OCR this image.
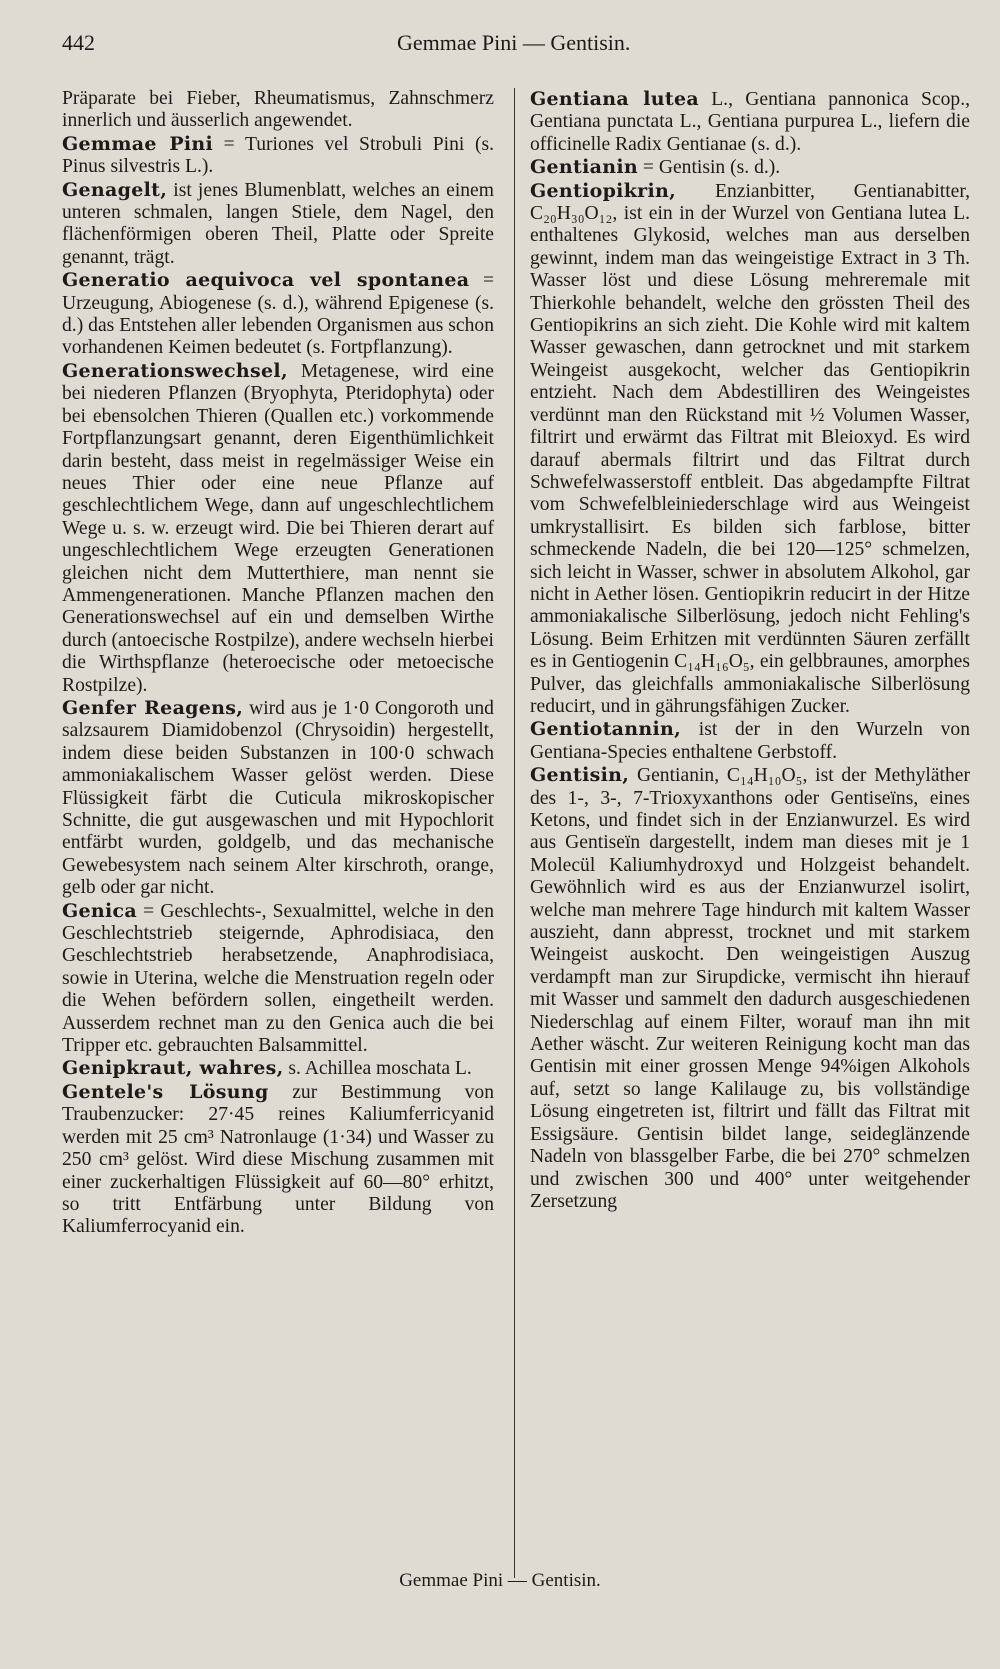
442	Gemmae Pini — Gentisin.

Präparate bei Fieber, Rheumatismus, Zahnschmerz innerlich und äusserlich angewendet.

Gemmae Pini = Turiones vel Strobuli Pini (s. Pinus silvestris L.).

Genagelt, ist jenes Blumenblatt, welches an einem unteren schmalen, langen Stiele, dem Nagel, den flächenförmigen oberen Theil, Platte oder Spreite genannt, trägt.

Generatio aequivoca vel spontanea = Urzeugung, Abiogenese (s. d.), während Epigenese (s. d.) das Entstehen aller lebenden Organismen aus schon vorhandenen Keimen bedeutet (s. Fortpflanzung).

Generationswechsel, Metagenese, wird eine bei niederen Pflanzen (Bryophyta, Pteridophyta) oder bei ebensolchen Thieren (Quallen etc.) vorkommende Fortpflanzungsart genannt, deren Eigenthümlichkeit darin besteht, dass meist in regelmässiger Weise ein neues Thier oder eine neue Pflanze auf geschlechtlichem Wege, dann auf ungeschlechtlichem Wege u. s. w. erzeugt wird. Die bei Thieren derart auf ungeschlechtlichem Wege erzeugten Generationen gleichen nicht dem Mutterthiere, man nennt sie Ammengenerationen. Manche Pflanzen machen den Generationswechsel auf ein und demselben Wirthe durch (antoecische Rostpilze), andere wechseln hierbei die Wirthspflanze (heteroecische oder metoecische Rostpilze).

Genfer Reagens, wird aus je 1·0 Congoroth und salzsaurem Diamidobenzol (Chrysoidin) hergestellt, indem diese beiden Substanzen in 100·0 schwach ammoniakalischem Wasser gelöst werden. Diese Flüssigkeit färbt die Cuticula mikroskopischer Schnitte, die gut ausgewaschen und mit Hypochlorit entfärbt wurden, goldgelb, und das mechanische Gewebesystem nach seinem Alter kirschroth, orange, gelb oder gar nicht.

Genica = Geschlechts-, Sexualmittel, welche in den Geschlechtstrieb steigernde, Aphrodisiaca, den Geschlechtstrieb herabsetzende, Anaphrodisiaca, sowie in Uterina, welche die Menstruation regeln oder die Wehen befördern sollen, eingetheilt werden. Ausserdem rechnet man zu den Genica auch die bei Tripper etc. gebrauchten Balsammittel.

Genipkraut, wahres, s. Achillea moschata L.

Gentele's Lösung zur Bestimmung von Traubenzucker: 27·45 reines Kaliumferricyanid werden mit 25 cm³ Natronlauge (1·34) und Wasser zu 250 cm³ gelöst. Wird diese Mischung zusammen mit einer zuckerhaltigen Flüssigkeit auf 60—80° erhitzt, so tritt Entfärbung unter Bildung von Kaliumferrocyanid ein.

Gentiana lutea L., Gentiana pannonica Scop., Gentiana punctata L., Gentiana purpurea L., liefern die officinelle Radix Gentianae (s. d.).

Gentianin = Gentisin (s. d.).

Gentiopikrin, Enzianbitter, Gentianabitter, C₂₀H₃₀O₁₂, ist ein in der Wurzel von Gentiana lutea L. enthaltenes Glykosid, welches man aus derselben gewinnt, indem man das weingeistige Extract in 3 Th. Wasser löst und diese Lösung mehreremale mit Thierkohle behandelt, welche den grössten Theil des Gentiopikrins an sich zieht. Die Kohle wird mit kaltem Wasser gewaschen, dann getrocknet und mit starkem Weingeist ausgekocht, welcher das Gentiopikrin entzieht. Nach dem Abdestilliren des Weingeistes verdünnt man den Rückstand mit ½ Volumen Wasser, filtrirt und erwärmt das Filtrat mit Bleioxyd. Es wird darauf abermals filtrirt und das Filtrat durch Schwefelwasserstoff entbleit. Das abgedampfte Filtrat vom Schwefelbleiniederschlage wird aus Weingeist umkrystallisirt. Es bilden sich farblose, bitter schmeckende Nadeln, die bei 120—125° schmelzen, sich leicht in Wasser, schwer in absolutem Alkohol, gar nicht in Aether lösen. Gentiopikrin reducirt in der Hitze ammoniakalische Silberlösung, jedoch nicht Fehling's Lösung. Beim Erhitzen mit verdünnten Säuren zerfällt es in Gentiogenin C₁₄H₁₆O₅, ein gelbbraunes, amorphes Pulver, das gleichfalls ammoniakalische Silberlösung reducirt, und in gährungsfähigen Zucker.

Gentiotannin, ist der in den Wurzeln von Gentiana-Species enthaltene Gerbstoff.

Gentisin, Gentianin, C₁₄H₁₀O₅, ist der Methyläther des 1-, 3-, 7-Trioxyxanthons oder Gentiseïns, eines Ketons, und findet sich in der Enzianwurzel. Es wird aus Gentiseïn dargestellt, indem man dieses mit je 1 Molecül Kaliumhydroxyd und Holzgeist behandelt. Gewöhnlich wird es aus der Enzianwurzel isolirt, welche man mehrere Tage hindurch mit kaltem Wasser auszieht, dann abpresst, trocknet und mit starkem Weingeist auskocht. Den weingeistigen Auszug verdampft man zur Sirupdicke, vermischt ihn hierauf mit Wasser und sammelt den dadurch ausgeschiedenen Niederschlag auf einem Filter, worauf man ihn mit Aether wäscht. Zur weiteren Reinigung kocht man das Gentisin mit einer grossen Menge 94%igen Alkohols auf, setzt so lange Kalilauge zu, bis vollständige Lösung eingetreten ist, filtrirt und fällt das Filtrat mit Essigsäure. Gentisin bildet lange, seideglänzende Nadeln von blassgelber Farbe, die bei 270° schmelzen und zwischen 300 und 400° unter weitgehender Zersetzung

Gemmae Pini — Gentisin.
